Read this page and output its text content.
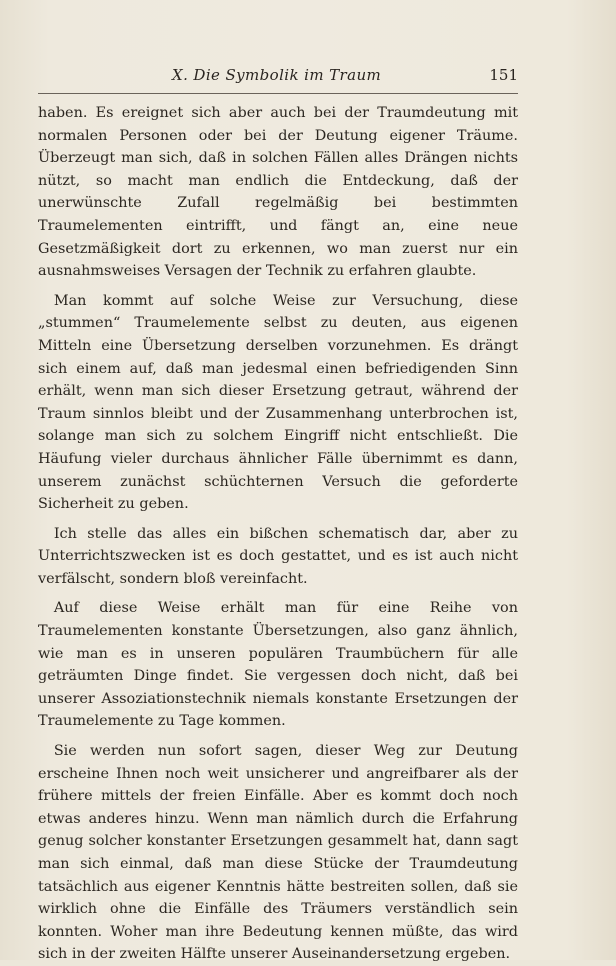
X. Die Symbolik im Traum	151

haben. Es ereignet sich aber auch bei der Traumdeutung mit normalen Personen oder bei der Deutung eigener Träume. Überzeugt man sich, daß in solchen Fällen alles Drängen nichts nützt, so macht man endlich die Entdeckung, daß der unerwünschte Zufall regelmäßig bei bestimmten Traumelementen eintrifft, und fängt an, eine neue Gesetzmäßigkeit dort zu erkennen, wo man zuerst nur ein ausnahmsweises Versagen der Technik zu erfahren glaubte.

Man kommt auf solche Weise zur Versuchung, diese „stummen“ Traumelemente selbst zu deuten, aus eigenen Mitteln eine Übersetzung derselben vorzunehmen. Es drängt sich einem auf, daß man jedesmal einen befriedigenden Sinn erhält, wenn man sich dieser Ersetzung getraut, während der Traum sinnlos bleibt und der Zusammenhang unterbrochen ist, solange man sich zu solchem Eingriff nicht entschließt. Die Häufung vieler durchaus ähnlicher Fälle übernimmt es dann, unserem zunächst schüchternen Versuch die geforderte Sicherheit zu geben.

Ich stelle das alles ein bißchen schematisch dar, aber zu Unterrichtszwecken ist es doch gestattet, und es ist auch nicht verfälscht, sondern bloß vereinfacht.

Auf diese Weise erhält man für eine Reihe von Traumelementen konstante Übersetzungen, also ganz ähnlich, wie man es in unseren populären Traumbüchern für alle geträumten Dinge findet. Sie vergessen doch nicht, daß bei unserer Assoziationstechnik niemals konstante Ersetzungen der Traumelemente zu Tage kommen.

Sie werden nun sofort sagen, dieser Weg zur Deutung erscheine Ihnen noch weit unsicherer und angreifbarer als der frühere mittels der freien Einfälle. Aber es kommt doch noch etwas anderes hinzu. Wenn man nämlich durch die Erfahrung genug solcher konstanter Ersetzungen gesammelt hat, dann sagt man sich einmal, daß man diese Stücke der Traumdeutung tatsächlich aus eigener Kenntnis hätte bestreiten sollen, daß sie wirklich ohne die Einfälle des Träumers verständlich sein konnten. Woher man ihre Bedeutung kennen müßte, das wird sich in der zweiten Hälfte unserer Auseinandersetzung ergeben.
